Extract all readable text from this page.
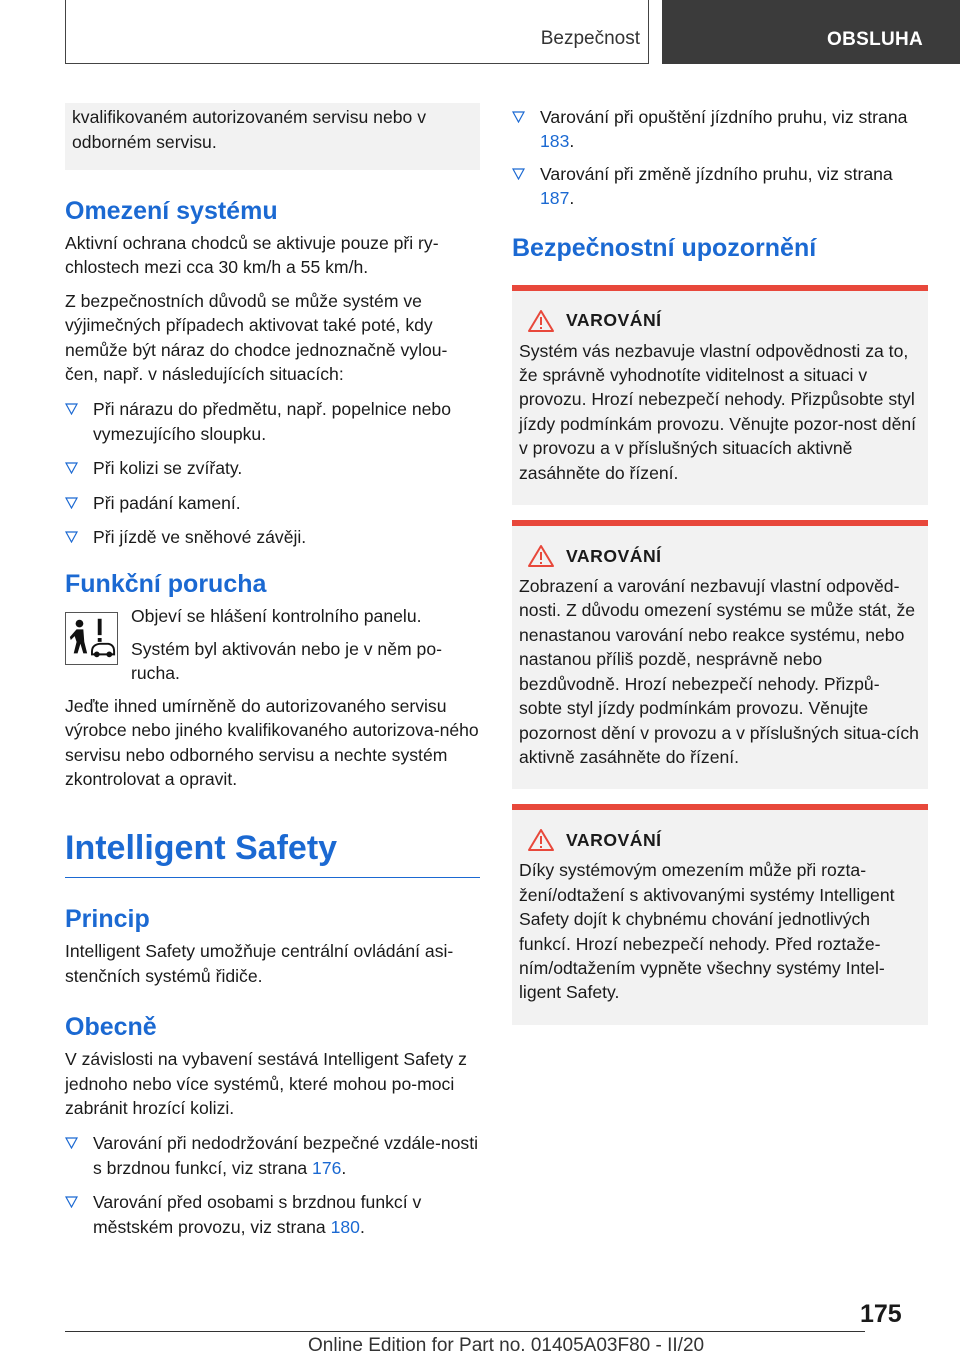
Bezpečnost	OBSLUHA

kvalifikovaném autorizovaném servisu nebo v odborném servisu.

Omezení systému

Aktivní ochrana chodců se aktivuje pouze při ry-chlostech mezi cca 30 km/h a 55 km/h.

Z bezpečnostních důvodů se může systém ve výjimečných případech aktivovat také poté, kdy nemůže být náraz do chodce jednoznačně vylou-čen, např. v následujících situacích:

Při nárazu do předmětu, např. popelnice nebo vymezujícího sloupku.
Při kolizi se zvířaty.
Při padání kamení.
Při jízdě ve sněhové závěji.
Funkční porucha

Objeví se hlášení kontrolního panelu.

Systém byl aktivován nebo je v něm po-rucha.

Jeďte ihned umírněně do autorizovaného servisu výrobce nebo jiného kvalifikovaného autorizova-ného servisu nebo odborného servisu a nechte systém zkontrolovat a opravit.

Intelligent Safety
Princip

Intelligent Safety umožňuje centrální ovládání asi-stenčních systémů řidiče.

Obecně

V závislosti na vybavení sestává Intelligent Safety z jednoho nebo více systémů, které mohou po-moci zabránit hrozící kolizi.

Varování při nedodržování bezpečné vzdále-nosti s brzdnou funkcí, viz strana 176.
Varování před osobami s brzdnou funkcí v městském provozu, viz strana 180.
Varování při opuštění jízdního pruhu, viz strana 183.
Varování při změně jízdního pruhu, viz strana 187.
Bezpečnostní upozornění
VAROVÁNÍ

Systém vás nezbavuje vlastní odpovědnosti za to, že správně vyhodnotíte viditelnost a situaci v provozu. Hrozí nebezpečí nehody. Přizpůsobte styl jízdy podmínkám provozu. Věnujte pozor-nost dění v provozu a v příslušných situacích aktivně zasáhněte do řízení.

VAROVÁNÍ

Zobrazení a varování nezbavují vlastní odpověd-nosti. Z důvodu omezení systému se může stát, že nenastanou varování nebo reakce systému, nebo nastanou příliš pozdě, nesprávně nebo bezdůvodně. Hrozí nebezpečí nehody. Přizpů-sobte styl jízdy podmínkám provozu. Věnujte pozornost dění v provozu a v příslušných situa-cích aktivně zasáhněte do řízení.

VAROVÁNÍ

Díky systémovým omezením může při rozta-žení/odtažení s aktivovanými systémy Intelligent Safety dojít k chybnému chování jednotlivých funkcí. Hrozí nebezpečí nehody. Před roztaže-ním/odtažením vypněte všechny systémy Intel-ligent Safety.

175
Online Edition for Part no. 01405A03F80 - II/20
